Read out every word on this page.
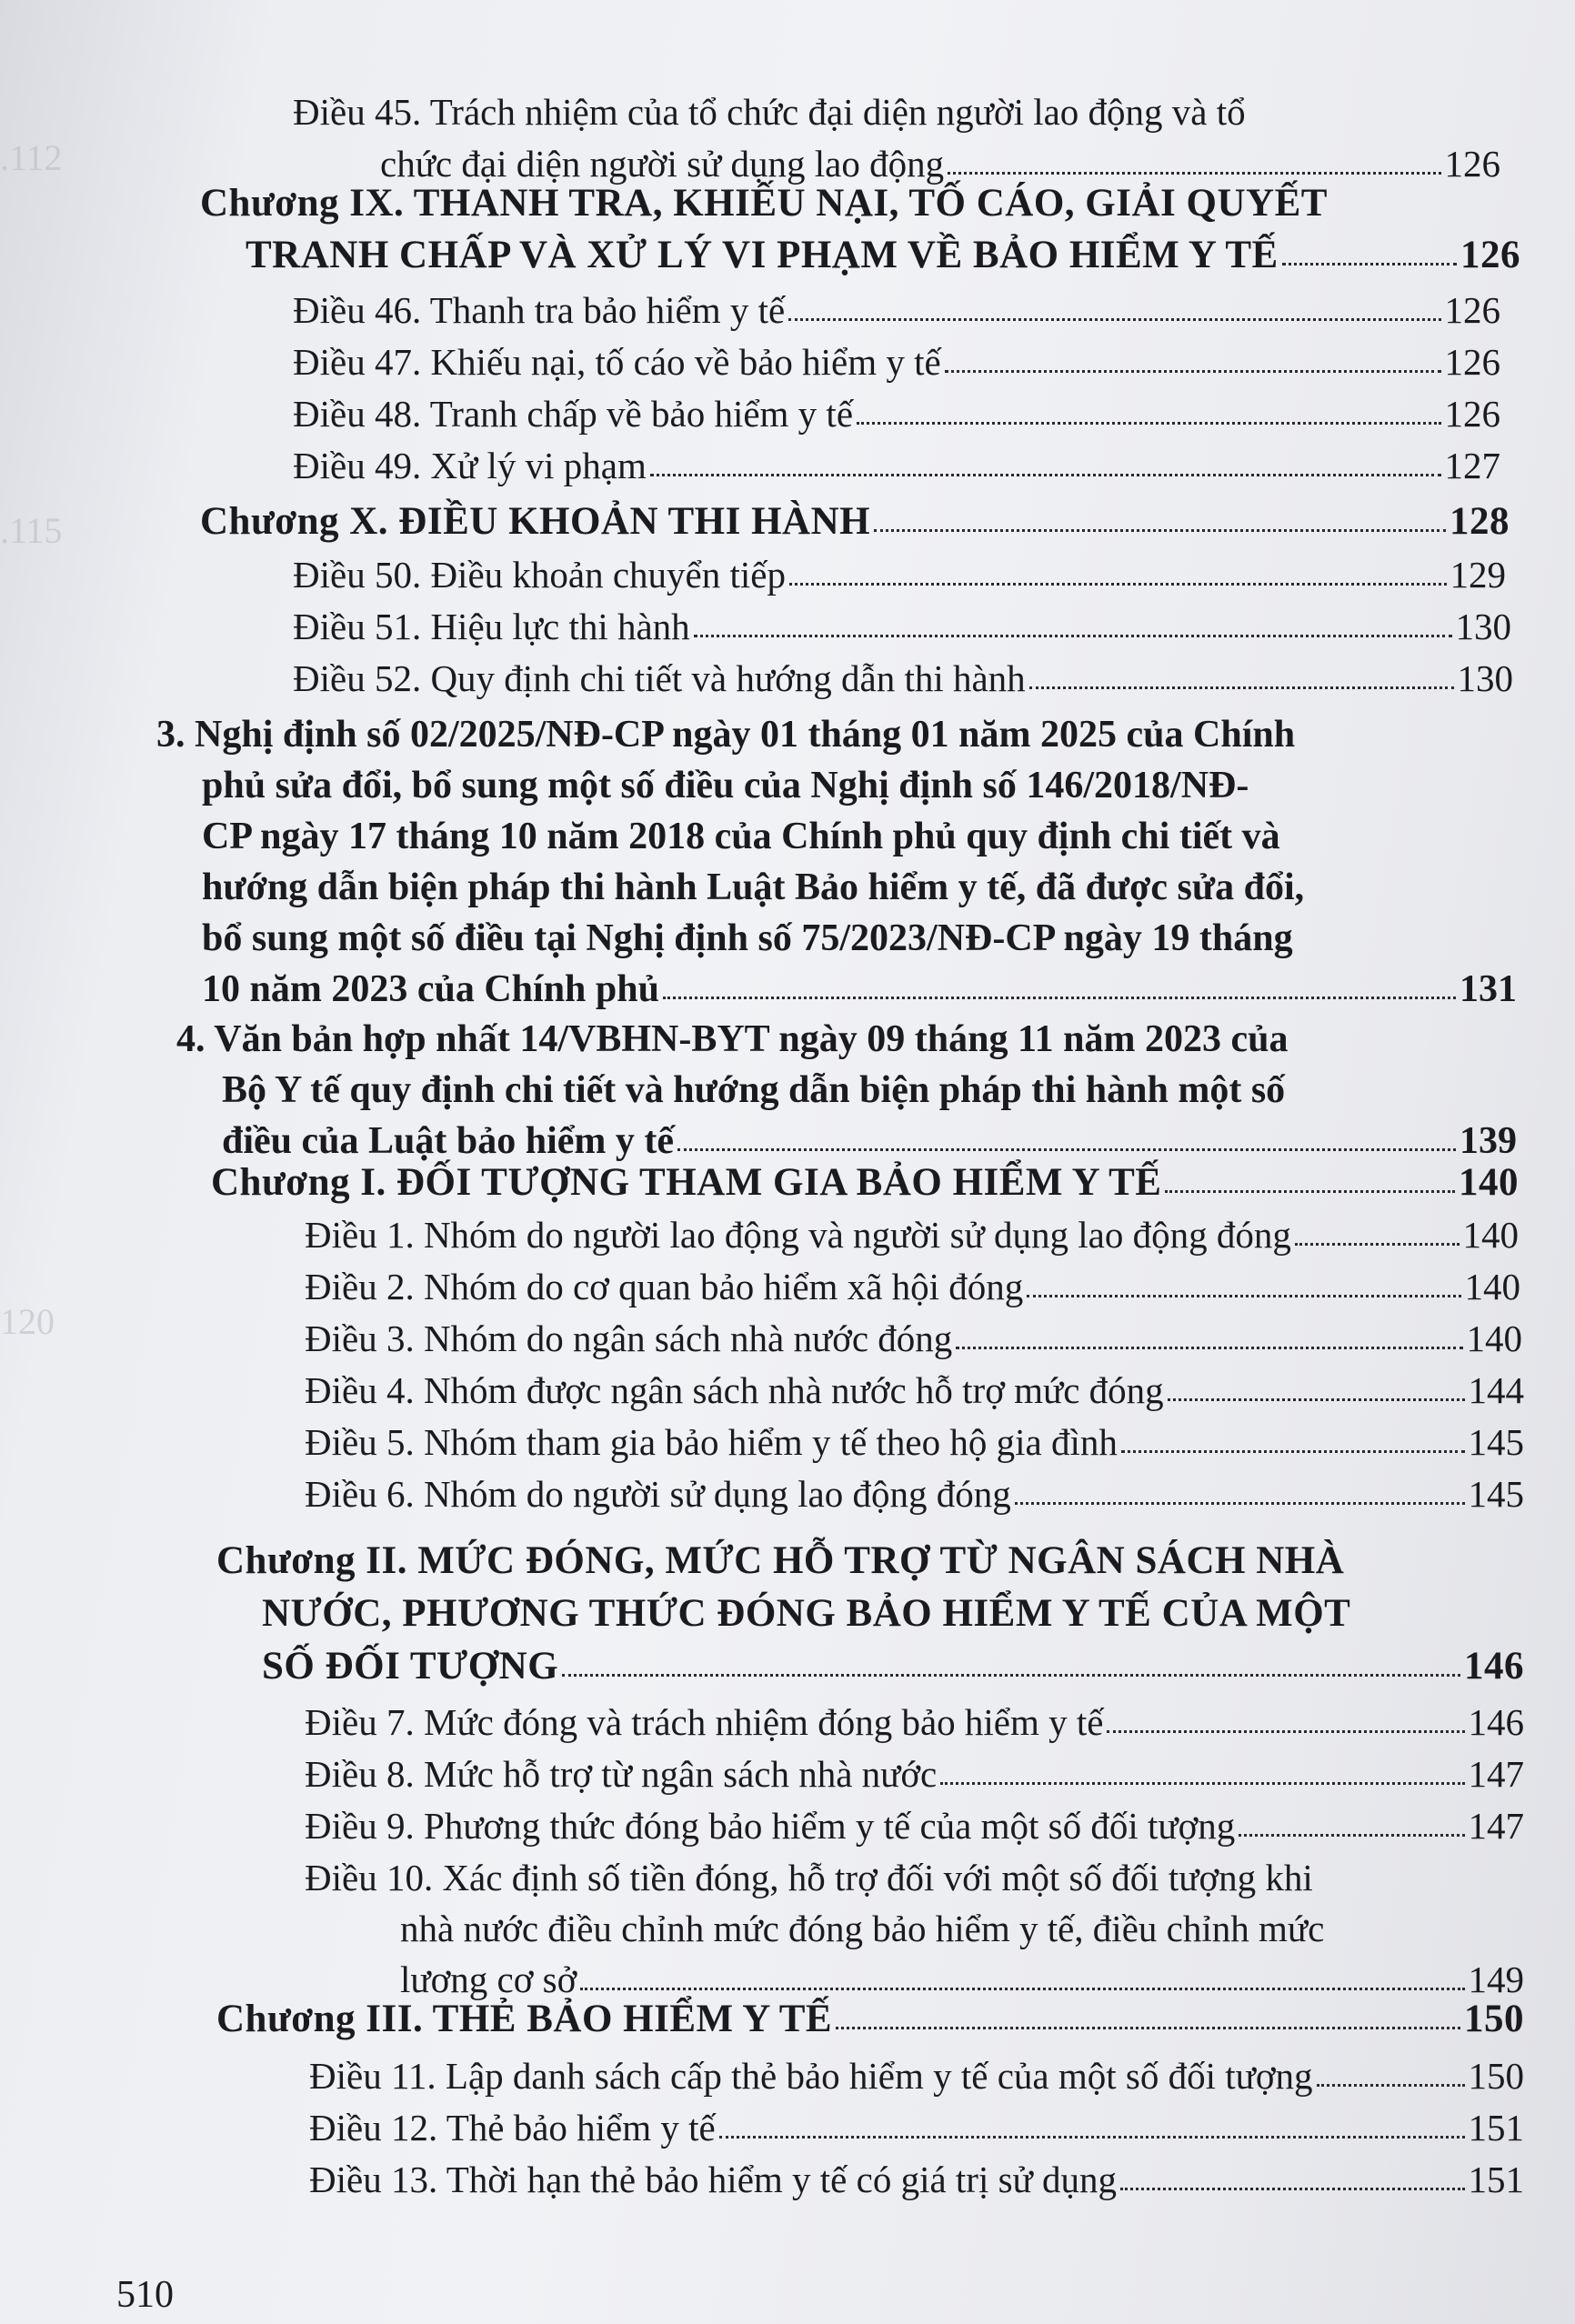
.112
.115
120
Điều 45. Trách nhiệm của tổ chức đại diện người lao động và tổ
chức đại diện người sử dụng lao động	126
Chương IX. THANH TRA, KHIẾU NẠI, TỐ CÁO, GIẢI QUYẾT
TRANH CHẤP VÀ XỬ LÝ VI PHẠM VỀ BẢO HIỂM Y TẾ	126
Điều 46. Thanh tra bảo hiểm y tế	126
Điều 47. Khiếu nại, tố cáo về bảo hiểm y tế	126
Điều 48. Tranh chấp về bảo hiểm y tế	126
Điều 49. Xử lý vi phạm	127
Chương X. ĐIỀU KHOẢN THI HÀNH	128
Điều 50. Điều khoản chuyển tiếp	129
Điều 51. Hiệu lực thi hành	130
Điều 52. Quy định chi tiết và hướng dẫn thi hành	130
3. Nghị định số 02/2025/NĐ-CP ngày 01 tháng 01 năm 2025 của Chính
phủ sửa đổi, bổ sung một số điều của Nghị định số 146/2018/NĐ-
CP ngày 17 tháng 10 năm 2018 của Chính phủ quy định chi tiết và
hướng dẫn biện pháp thi hành Luật Bảo hiểm y tế, đã được sửa đổi,
bổ sung một số điều tại Nghị định số 75/2023/NĐ-CP ngày 19 tháng
10 năm 2023 của Chính phủ	131
4. Văn bản hợp nhất 14/VBHN-BYT ngày 09 tháng 11 năm 2023 của
Bộ Y tế quy định chi tiết và hướng dẫn biện pháp thi hành một số
điều của Luật bảo hiểm y tế	139
Chương I. ĐỐI TƯỢNG THAM GIA BẢO HIỂM Y TẾ	140
Điều 1. Nhóm do người lao động và người sử dụng lao động đóng	140
Điều 2. Nhóm do cơ quan bảo hiểm xã hội đóng	140
Điều 3. Nhóm do ngân sách nhà nước đóng	140
Điều 4. Nhóm được ngân sách nhà nước hỗ trợ mức đóng	144
Điều 5. Nhóm tham gia bảo hiểm y tế theo hộ gia đình	145
Điều 6. Nhóm do người sử dụng lao động đóng	145
Chương II. MỨC ĐÓNG, MỨC HỖ TRỢ TỪ NGÂN SÁCH NHÀ
NƯỚC, PHƯƠNG THỨC ĐÓNG BẢO HIỂM Y TẾ CỦA MỘT
SỐ ĐỐI TƯỢNG	146
Điều 7. Mức đóng và trách nhiệm đóng bảo hiểm y tế	146
Điều 8. Mức hỗ trợ từ ngân sách nhà nước	147
Điều 9. Phương thức đóng bảo hiểm y tế của một số đối tượng	147
Điều 10. Xác định số tiền đóng, hỗ trợ đối với một số đối tượng khi
nhà nước điều chỉnh mức đóng bảo hiểm y tế, điều chỉnh mức
lương cơ sở	149
Chương III. THẺ BẢO HIỂM Y TẾ	150
Điều 11. Lập danh sách cấp thẻ bảo hiểm y tế của một số đối tượng	150
Điều 12. Thẻ bảo hiểm y tế	151
Điều 13. Thời hạn thẻ bảo hiểm y tế có giá trị sử dụng	151
510
